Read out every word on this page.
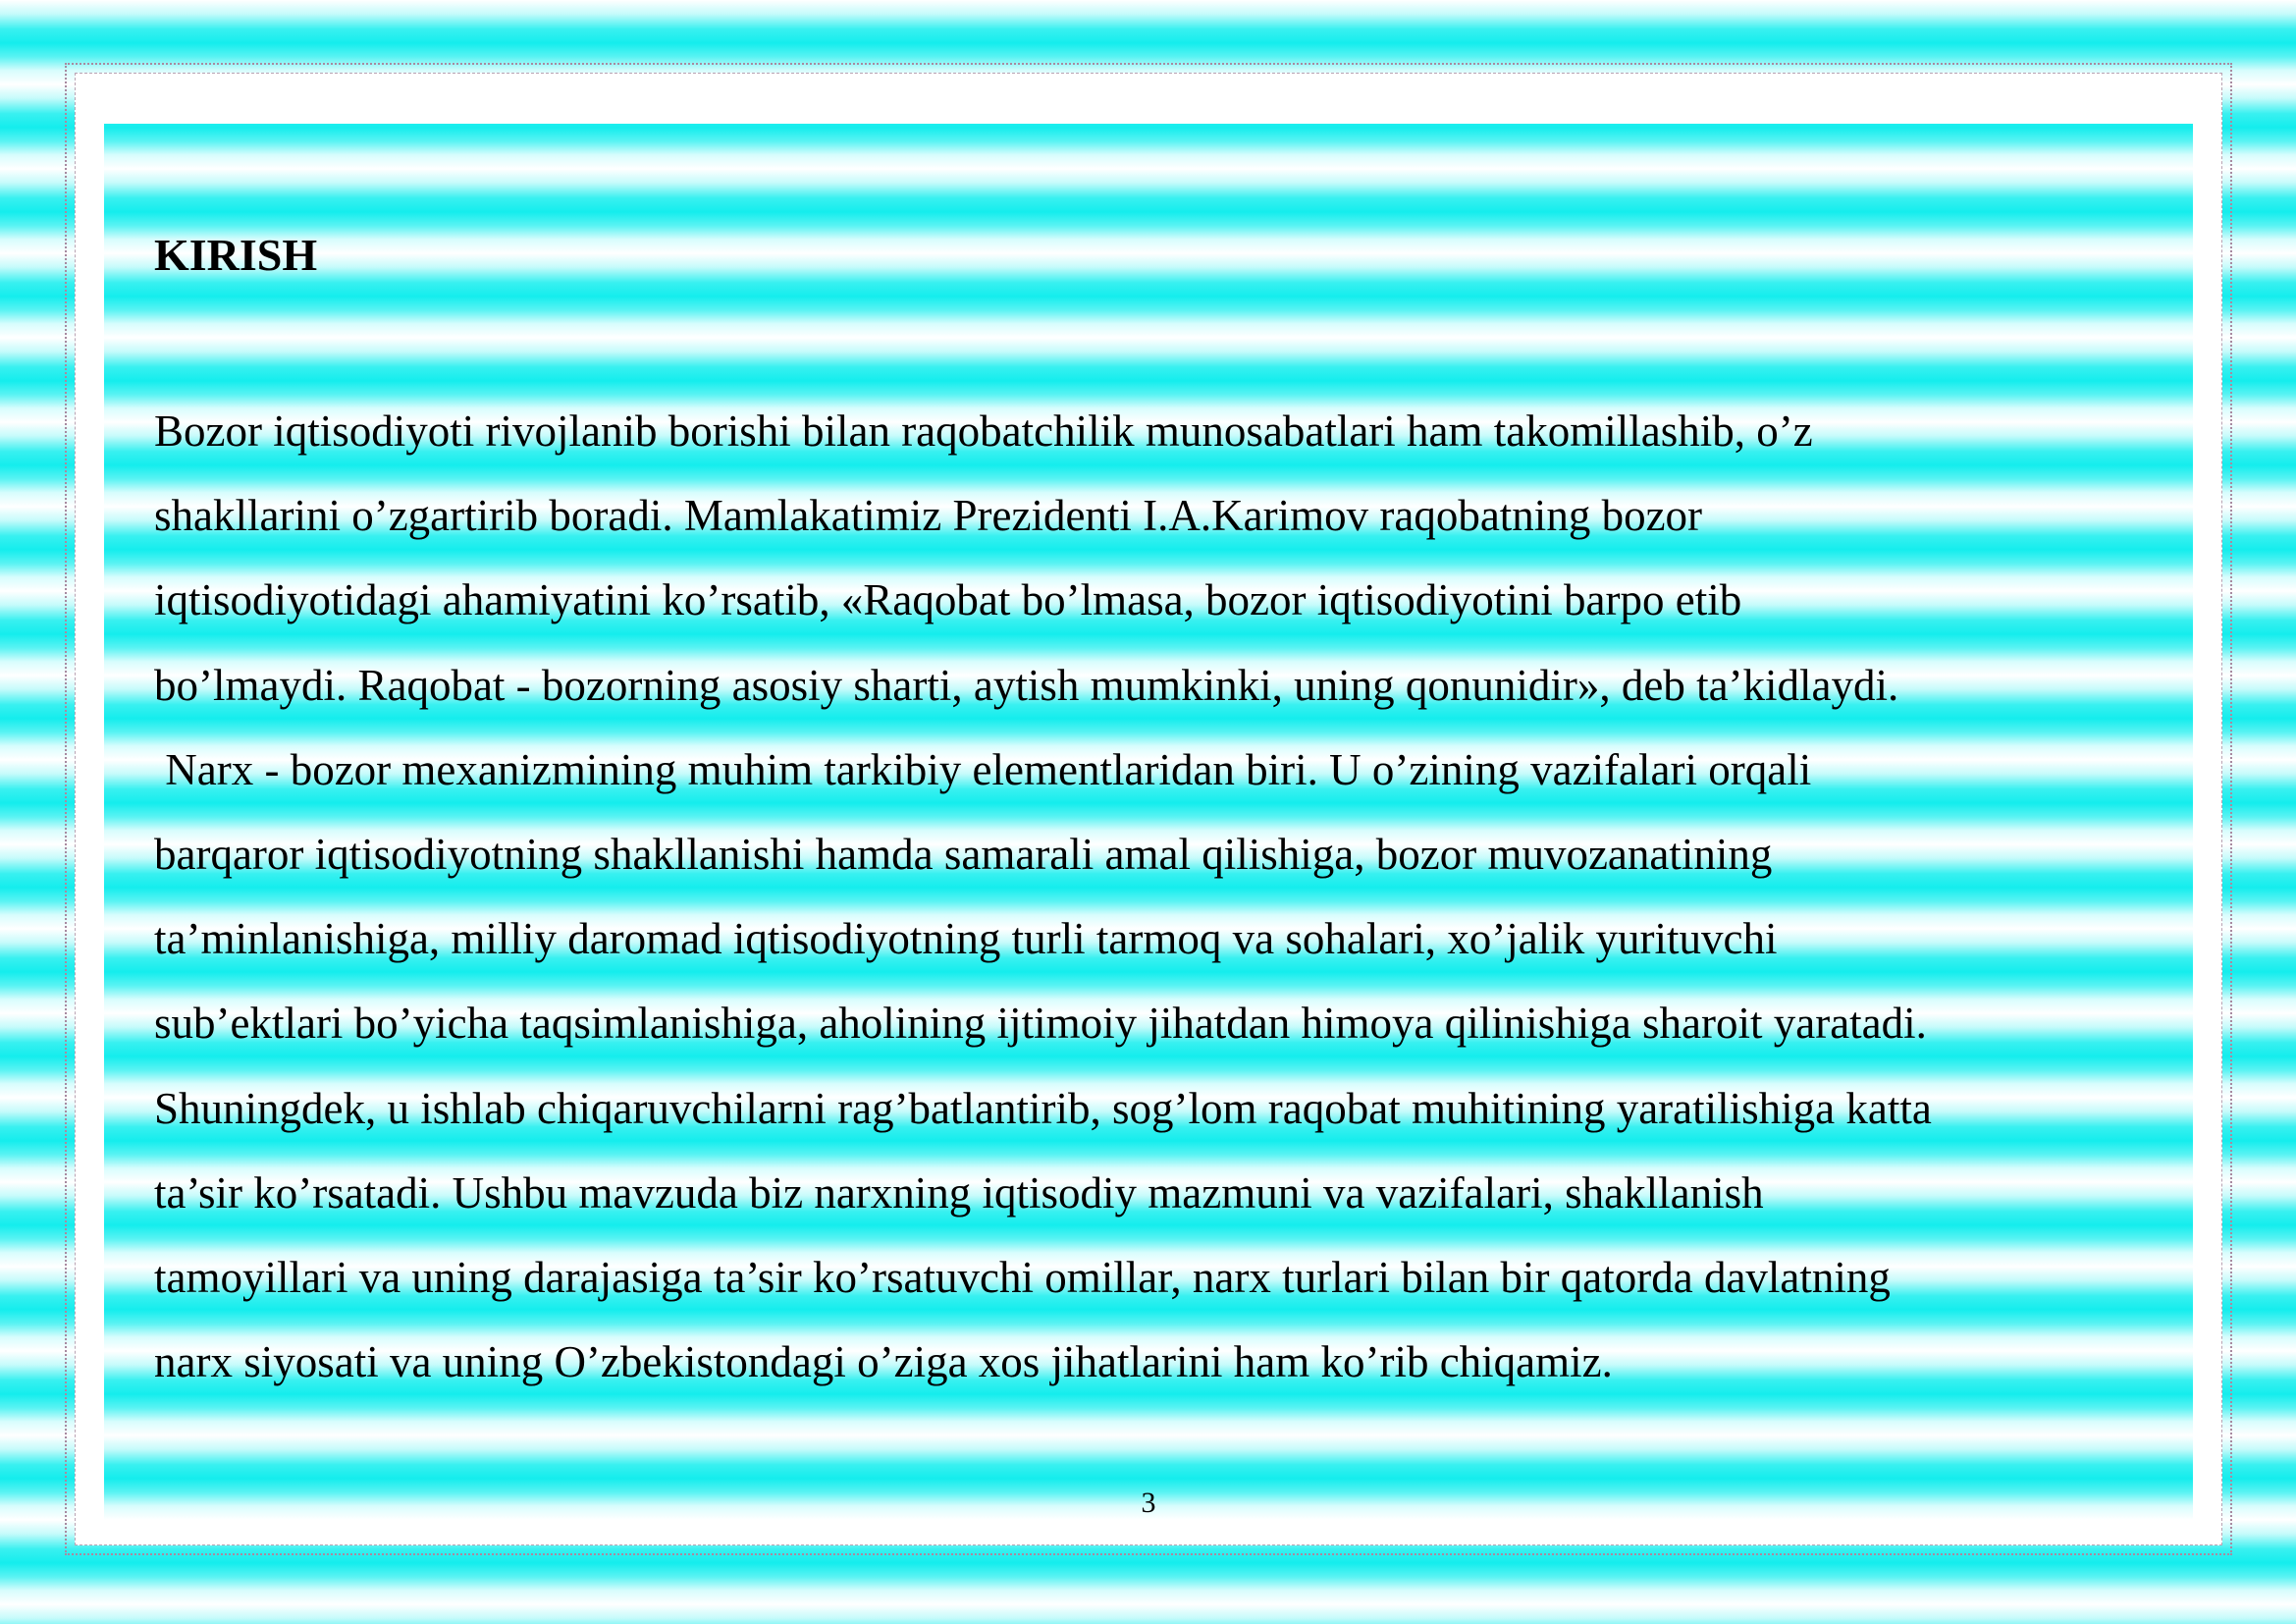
KIRISH
Bozor iqtisodiyoti rivojlanib borishi bilan raqobatchilik munosabatlari ham takomillashib, o’z
shakllarini o’zgartirib boradi. Mamlakatimiz Prezidenti I.A.Karimov raqobatning bozor
iqtisodiyotidagi ahamiyatini ko’rsatib, «Raqobat bo’lmasa, bozor iqtisodiyotini barpo etib
bo’lmaydi. Raqobat - bozorning asosiy sharti, aytish mumkinki, uning qonunidir», deb ta’kidlaydi.
Narx - bozor mexanizmining muhim tarkibiy elementlaridan biri. U o’zining vazifalari orqali
barqaror iqtisodiyotning shakllanishi hamda samarali amal qilishiga, bozor muvozanatining
ta’minlanishiga, milliy daromad iqtisodiyotning turli tarmoq va sohalari, xo’jalik yurituvchi
sub’ektlari bo’yicha taqsimlanishiga, aholining ijtimoiy jihatdan himoya qilinishiga sharoit yaratadi.
Shuningdek, u ishlab chiqaruvchilarni rag’batlantirib, sog’lom raqobat muhitining yaratilishiga katta
ta’sir ko’rsatadi. Ushbu mavzuda biz narxning iqtisodiy mazmuni va vazifalari, shakllanish
tamoyillari va uning darajasiga ta’sir ko’rsatuvchi omillar, narx turlari bilan bir qatorda davlatning
narx siyosati va uning O’zbekistondagi o’ziga xos jihatlarini ham ko’rib chiqamiz.
3
